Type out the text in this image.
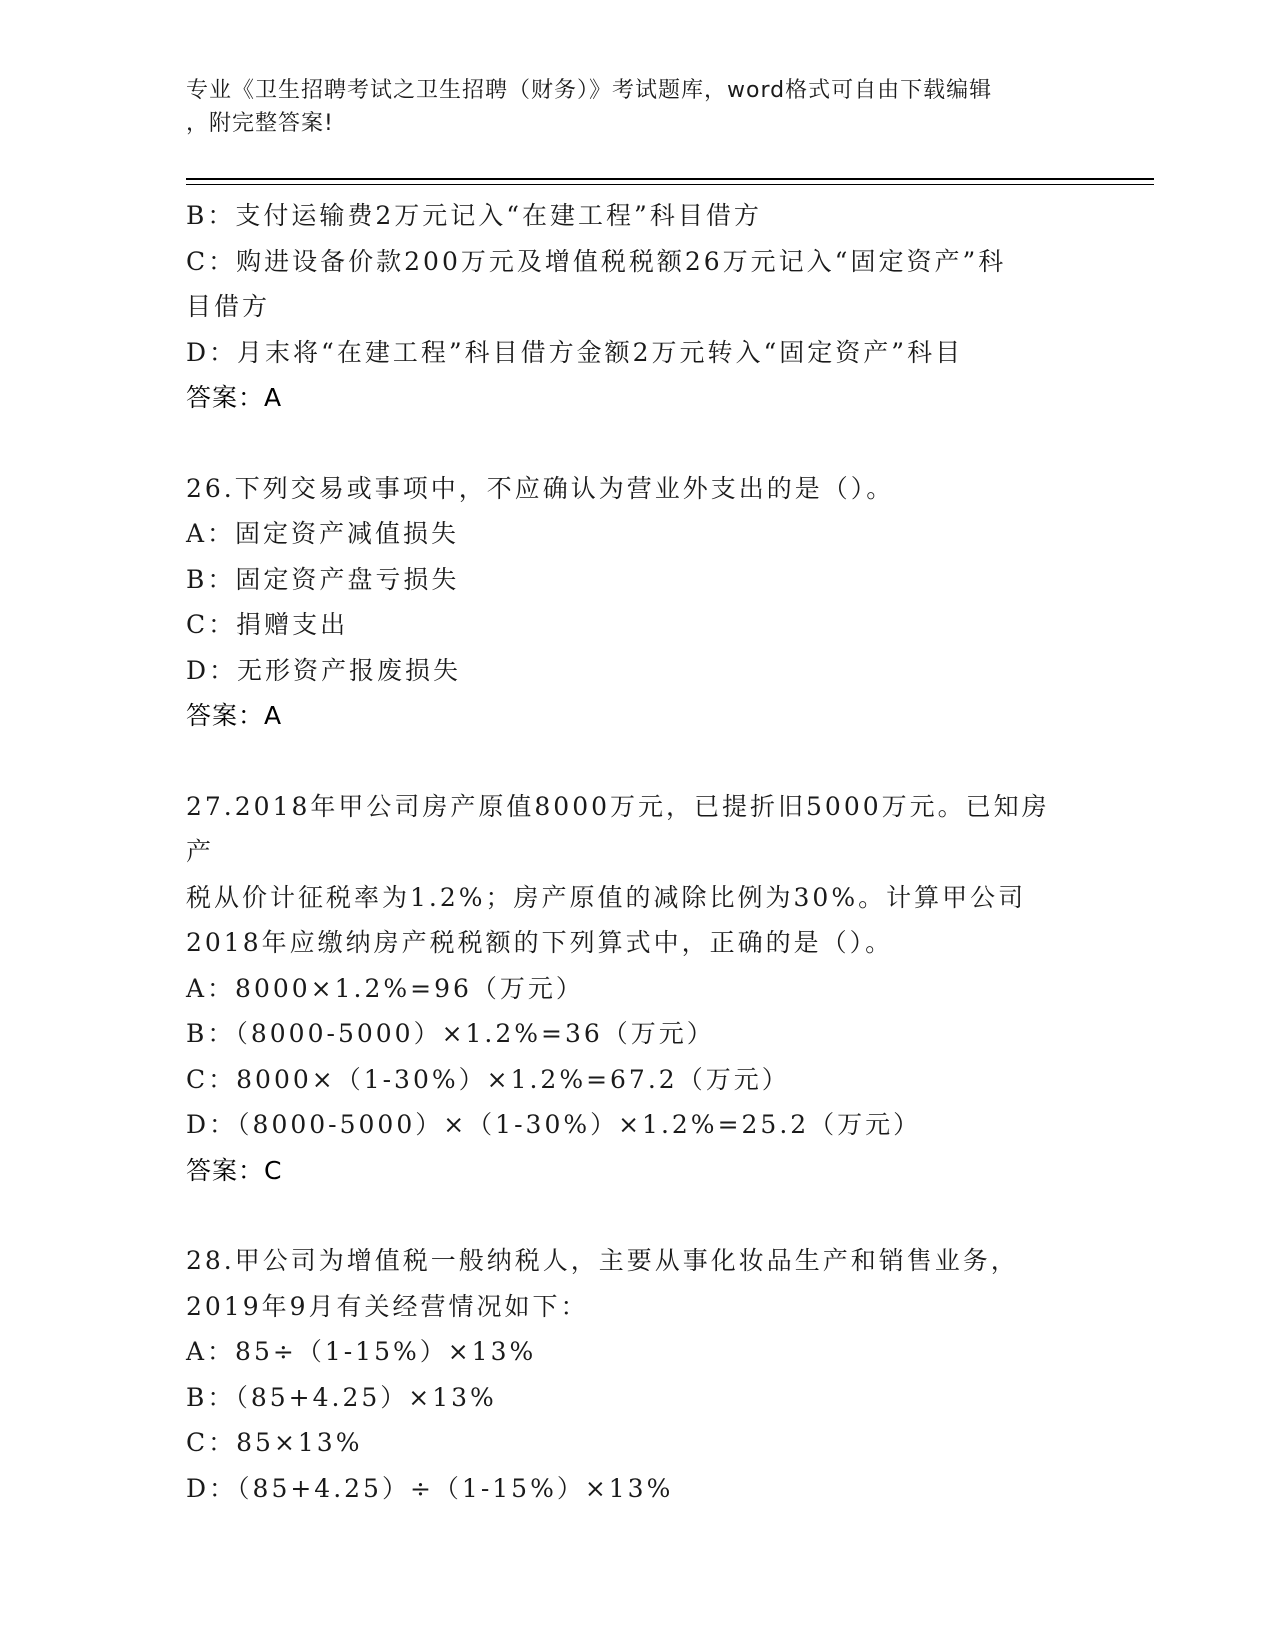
专业《卫生招聘考试之卫生招聘（财务）》考试题库，word格式可自由下载编辑
，附完整答案!

B：支付运输费2万元记入“在建工程”科目借方

C：购进设备价款200万元及增值税税额26万元记入“固定资产”科

目借方

D：月末将“在建工程”科目借方金额2万元转入“固定资产”科目

答案：A

26.下列交易或事项中，不应确认为营业外支出的是（）。

A：固定资产减值损失

B：固定资产盘亏损失

C：捐赠支出

D：无形资产报废损失

答案：A

27.2018年甲公司房产原值8000万元，已提折旧5000万元。已知房产

税从价计征税率为1.2%；房产原值的减除比例为30%。计算甲公司

2018年应缴纳房产税税额的下列算式中，正确的是（）。

A：8000×1.2%=96（万元）

B：（8000-5000）×1.2%=36（万元）

C：8000×（1-30%）×1.2%=67.2（万元）

D：（8000-5000）×（1-30%）×1.2%=25.2（万元）

答案：C

28.甲公司为增值税一般纳税人，主要从事化妆品生产和销售业务，

2019年9月有关经营情况如下：

A：85÷（1-15%）×13%

B：（85+4.25）×13%

C：85×13%

D：（85+4.25）÷（1-15%）×13%
